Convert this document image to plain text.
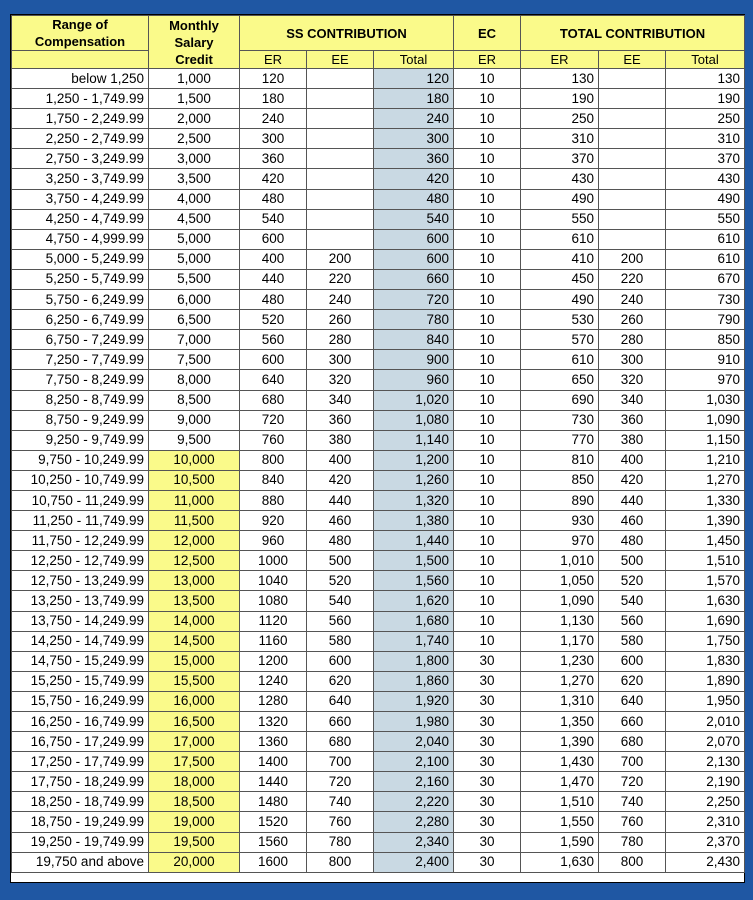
Range of Compensation	Monthly
Salary
Credit	SS CONTRIBUTION			EC	TOTAL CONTRIBUTION		

		ER	EE	Total	ER	ER	EE	Total
below 1,250	1,000	120		120	10	130		130
1,250 - 1,749.99	1,500	180		180	10	190		190
1,750 - 2,249.99	2,000	240		240	10	250		250
2,250 - 2,749.99	2,500	300		300	10	310		310
2,750 - 3,249.99	3,000	360		360	10	370		370
3,250 - 3,749.99	3,500	420		420	10	430		430
3,750 - 4,249.99	4,000	480		480	10	490		490
4,250 - 4,749.99	4,500	540		540	10	550		550
4,750 - 4,999.99	5,000	600		600	10	610		610
5,000 - 5,249.99	5,000	400	200	600	10	410	200	610
5,250 - 5,749.99	5,500	440	220	660	10	450	220	670
5,750 - 6,249.99	6,000	480	240	720	10	490	240	730
6,250 - 6,749.99	6,500	520	260	780	10	530	260	790
6,750 - 7,249.99	7,000	560	280	840	10	570	280	850
7,250 - 7,749.99	7,500	600	300	900	10	610	300	910
7,750 - 8,249.99	8,000	640	320	960	10	650	320	970
8,250 - 8,749.99	8,500	680	340	1,020	10	690	340	1,030
8,750 - 9,249.99	9,000	720	360	1,080	10	730	360	1,090
9,250 - 9,749.99	9,500	760	380	1,140	10	770	380	1,150
9,750 - 10,249.99	10,000	800	400	1,200	10	810	400	1,210
10,250 - 10,749.99	10,500	840	420	1,260	10	850	420	1,270
10,750 - 11,249.99	11,000	880	440	1,320	10	890	440	1,330
11,250 - 11,749.99	11,500	920	460	1,380	10	930	460	1,390
11,750 - 12,249.99	12,000	960	480	1,440	10	970	480	1,450
12,250 - 12,749.99	12,500	1000	500	1,500	10	1,010	500	1,510
12,750 - 13,249.99	13,000	1040	520	1,560	10	1,050	520	1,570
13,250 - 13,749.99	13,500	1080	540	1,620	10	1,090	540	1,630
13,750 - 14,249.99	14,000	1120	560	1,680	10	1,130	560	1,690
14,250 - 14,749.99	14,500	1160	580	1,740	10	1,170	580	1,750
14,750 - 15,249.99	15,000	1200	600	1,800	30	1,230	600	1,830
15,250 - 15,749.99	15,500	1240	620	1,860	30	1,270	620	1,890
15,750 - 16,249.99	16,000	1280	640	1,920	30	1,310	640	1,950
16,250 - 16,749.99	16,500	1320	660	1,980	30	1,350	660	2,010
16,750 - 17,249.99	17,000	1360	680	2,040	30	1,390	680	2,070
17,250 - 17,749.99	17,500	1400	700	2,100	30	1,430	700	2,130
17,750 - 18,249.99	18,000	1440	720	2,160	30	1,470	720	2,190
18,250 - 18,749.99	18,500	1480	740	2,220	30	1,510	740	2,250
18,750 - 19,249.99	19,000	1520	760	2,280	30	1,550	760	2,310
19,250 - 19,749.99	19,500	1560	780	2,340	30	1,590	780	2,370
19,750 and above	20,000	1600	800	2,400	30	1,630	800	2,430
